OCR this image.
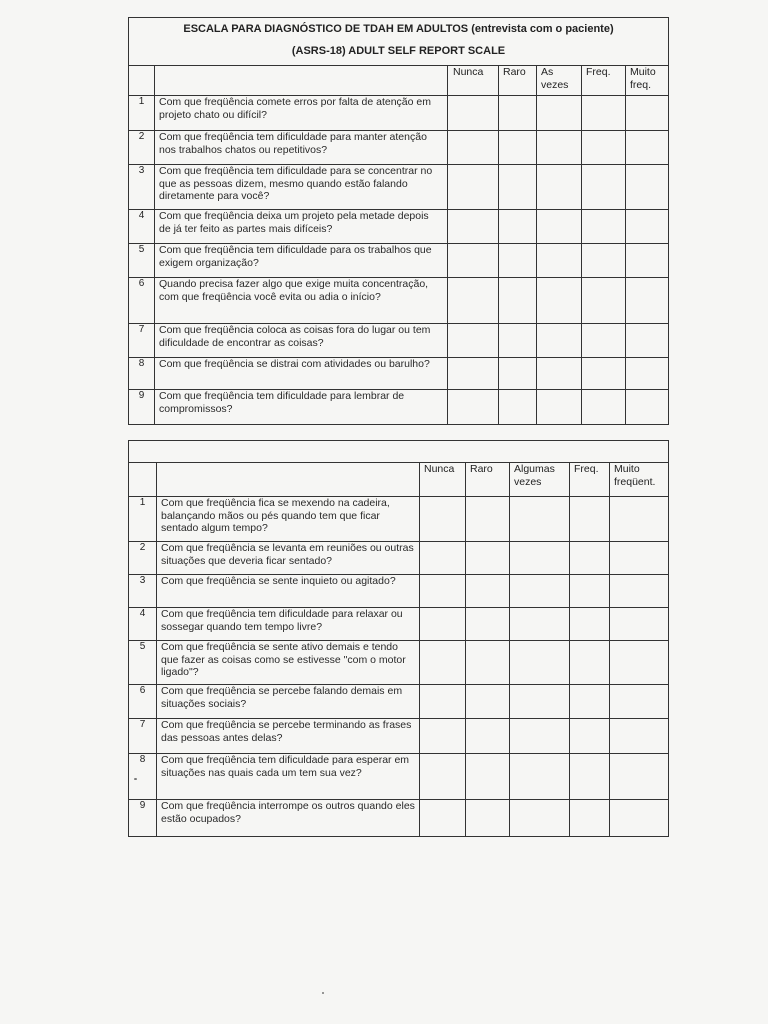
ESCALA PARA DIAGNÓSTICO DE TDAH EM ADULTOS (entrevista com o paciente)
(ASRS-18) ADULT SELF REPORT SCALE						

		Nunca	Raro	As vezes	Freq.	Muito freq.
1	Com que freqüência comete erros por falta de atenção em projeto chato ou difícil?					
2	Com que freqüência tem dificuldade para manter atenção nos trabalhos chatos ou repetitivos?					
3	Com que freqüência tem dificuldade para se concentrar no que as pessoas dizem, mesmo quando estão falando diretamente para você?					
4	Com que freqüência deixa um projeto pela metade depois de já ter feito as partes mais difíceis?					
5	Com que freqüência tem dificuldade para os trabalhos que exigem organização?					
6	Quando precisa fazer algo que exige muita concentração, com que freqüência você evita ou adia o início?					
7	Com que freqüência coloca as coisas fora do lugar ou tem dificuldade de encontrar as coisas?					
8	Com que freqüência se distrai com atividades ou barulho?					
9	Com que freqüência tem dificuldade para lembrar de compromissos?					

		Nunca	Raro	Algumas vezes	Freq.	Muito freqüent.
1	Com que freqüência fica se mexendo na cadeira, balançando mãos ou pés quando tem que ficar sentado algum tempo?					
2	Com que freqüência se levanta em reuniões ou outras situações que deveria ficar sentado?					
3	Com que freqüência se sente inquieto ou agitado?					
4	Com que freqüência tem dificuldade para relaxar ou sossegar quando tem tempo livre?					
5	Com que freqüência se sente ativo demais e tendo que fazer as coisas como se estivesse "com o motor ligado"?					
6	Com que freqüência se percebe falando demais em situações sociais?					
7	Com que freqüência se percebe terminando as frases das pessoas antes delas?					
8	Com que freqüência tem dificuldade para esperar em situações nas quais cada um tem sua vez?					
9	Com que freqüência interrompe os outros quando eles estão ocupados?					
